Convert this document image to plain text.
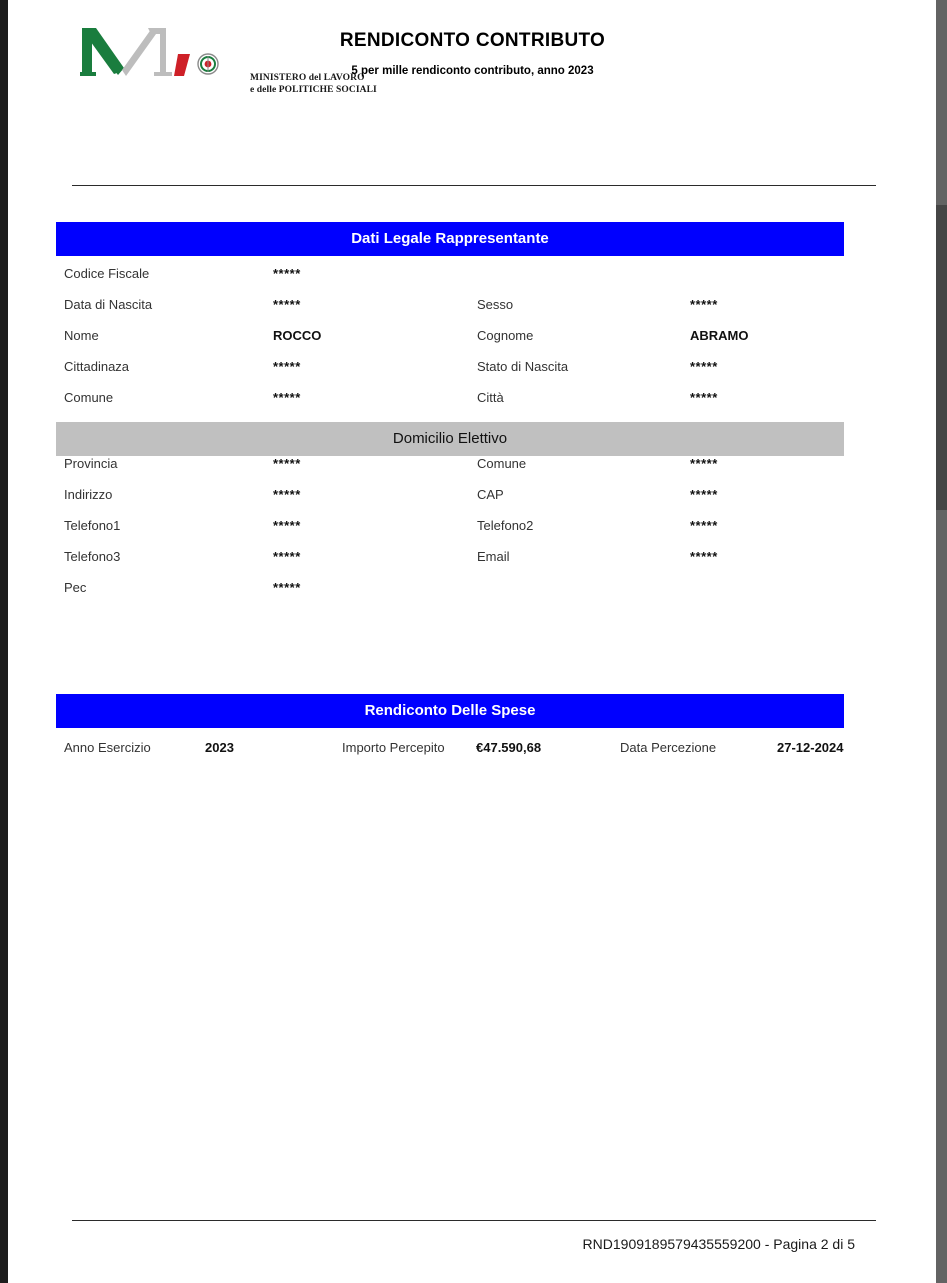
MINISTERO del LAVORO
e delle POLITICHE SOCIALI
RENDICONTO CONTRIBUTO
5 per mille rendiconto contributo, anno 2023
Dati Legale Rappresentante
Codice Fiscale	*****
Data di Nascita	*****	Sesso	*****
Nome	ROCCO	Cognome	ABRAMO
Cittadinaza	*****	Stato di Nascita	*****
Comune	*****	Città	*****
Domicilio Elettivo
Provincia	*****	Comune	*****
Indirizzo	*****	CAP	*****
Telefono1	*****	Telefono2	*****
Telefono3	*****	Email	*****
Pec	*****
Rendiconto Delle Spese
Anno Esercizio	2023	Importo Percepito €47.590,68	Data Percezione	27-12-2024
RND1909189579435559200 - Pagina 2 di 5
